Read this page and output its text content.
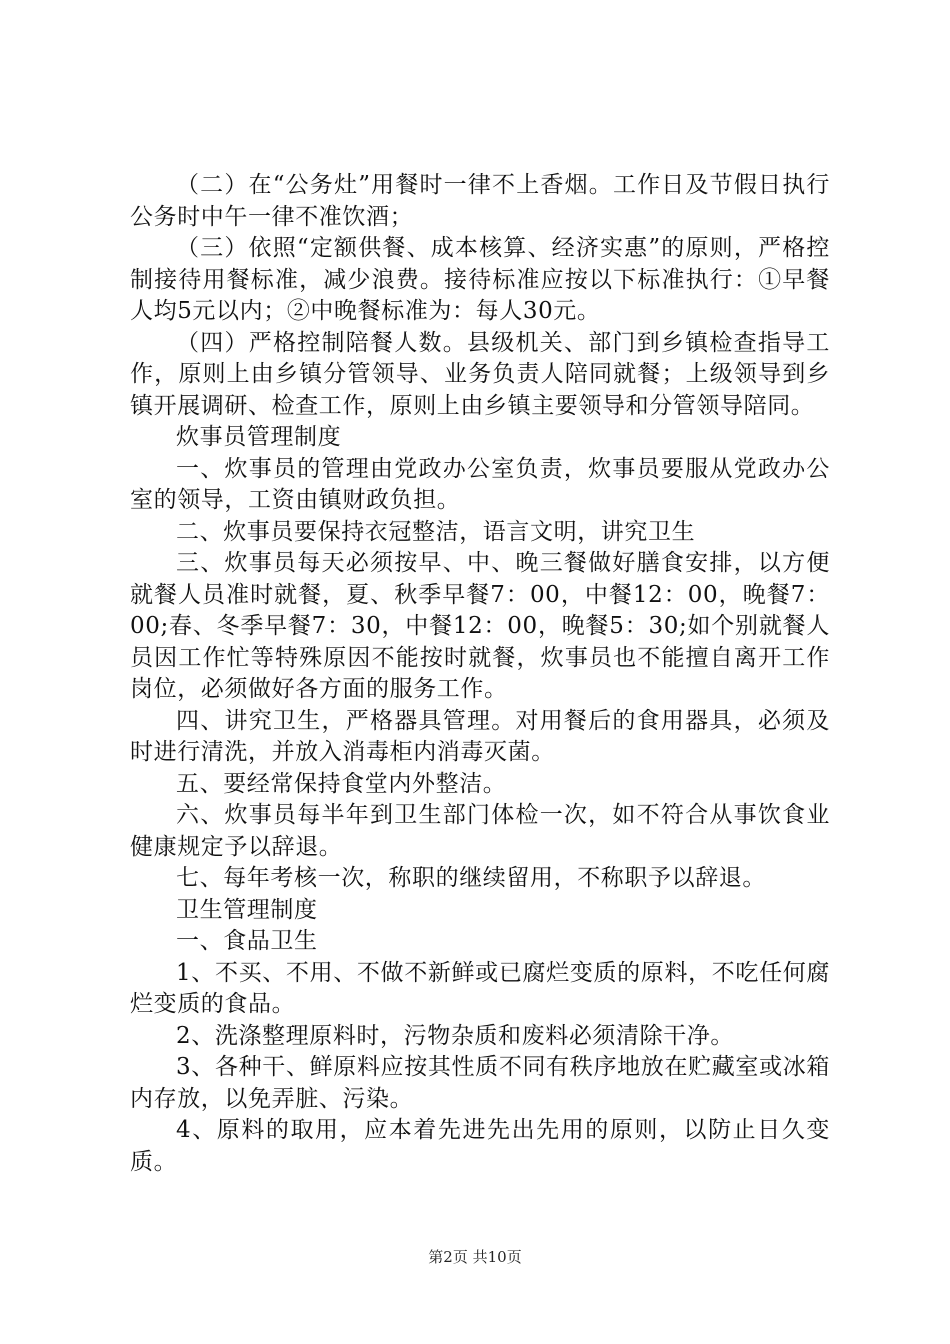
（二）在“公务灶”用餐时一律不上香烟。工作日及节假日执行公务时中午一律不准饮酒；

（三）依照“定额供餐、成本核算、经济实惠”的原则，严格控制接待用餐标准，减少浪费。接待标准应按以下标准执行：①早餐人均5元以内；②中晚餐标准为：每人30元。

（四）严格控制陪餐人数。县级机关、部门到乡镇检查指导工作，原则上由乡镇分管领导、业务负责人陪同就餐；上级领导到乡镇开展调研、检查工作，原则上由乡镇主要领导和分管领导陪同。

炊事员管理制度

一、炊事员的管理由党政办公室负责，炊事员要服从党政办公室的领导，工资由镇财政负担。

二、炊事员要保持衣冠整洁，语言文明，讲究卫生

三、炊事员每天必须按早、中、晚三餐做好膳食安排，以方便就餐人员准时就餐，夏、秋季早餐7：00，中餐12：00，晚餐7：00;春、冬季早餐7：30，中餐12：00，晚餐5：30;如个别就餐人员因工作忙等特殊原因不能按时就餐，炊事员也不能擅自离开工作岗位，必须做好各方面的服务工作。

四、讲究卫生，严格器具管理。对用餐后的食用器具，必须及时进行清洗，并放入消毒柜内消毒灭菌。

五、要经常保持食堂内外整洁。

六、炊事员每半年到卫生部门体检一次，如不符合从事饮食业健康规定予以辞退。

七、每年考核一次，称职的继续留用，不称职予以辞退。

卫生管理制度

一、食品卫生

1、不买、不用、不做不新鲜或已腐烂变质的原料，不吃任何腐烂变质的食品。

2、洗涤整理原料时，污物杂质和废料必须清除干净。

3、各种干、鲜原料应按其性质不同有秩序地放在贮藏室或冰箱内存放，以免弄脏、污染。

4、原料的取用，应本着先进先出先用的原则，以防止日久变质。

第2页 共10页
